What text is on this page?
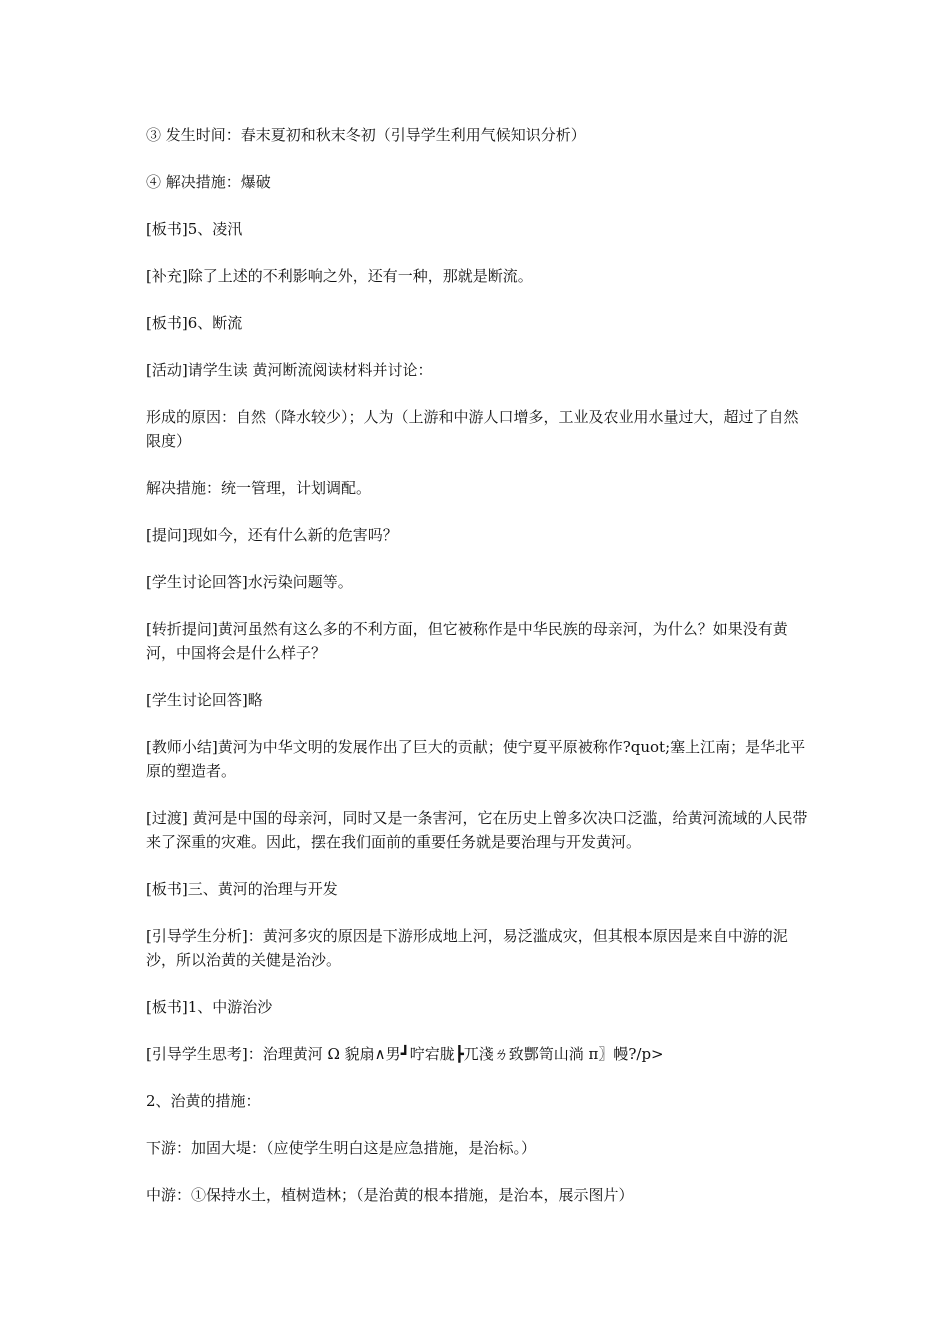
③ 发生时间：春末夏初和秋末冬初（引导学生利用气候知识分析）

④ 解决措施：爆破

[板书]5、凌汛

[补充]除了上述的不利影响之外，还有一种，那就是断流。

[板书]6、断流

[活动]请学生读 黄河断流阅读材料并讨论：

形成的原因：自然（降水较少）；人为（上游和中游人口增多，工业及农业用水量过大，超过了自然限度）

解决措施：统一管理，计划调配。

[提问]现如今，还有什么新的危害吗？

[学生讨论回答]水污染问题等。

[转折提问]黄河虽然有这么多的不利方面，但它被称作是中华民族的母亲河，为什么？如果没有黄河，中国将会是什么样子？

[学生讨论回答]略

[教师小结]黄河为中华文明的发展作出了巨大的贡献；使宁夏平原被称作?quot;塞上江南；是华北平原的塑造者。

[过渡] 黄河是中国的母亲河，同时又是一条害河，它在历史上曾多次决口泛滥，给黄河流域的人民带来了深重的灾难。因此，摆在我们面前的重要任务就是要治理与开发黄河。

[板书]三、黄河的治理与开发

[引导学生分析]：黄河多灾的原因是下游形成地上河，易泛滥成灾，但其根本原因是来自中游的泥沙，所以治黄的关健是治沙。

[板书]1、中游治沙

[引导学生思考]：治理黄河 Ω 貌扇∧男┛咛宕胧┣兀淺ㄌ致酆笥山淌 π〗幔?/p>

2、治黄的措施：

下游：加固大堤：（应使学生明白这是应急措施，是治标。）

中游：①保持水土，植树造林；（是治黄的根本措施，是治本，展示图片）
